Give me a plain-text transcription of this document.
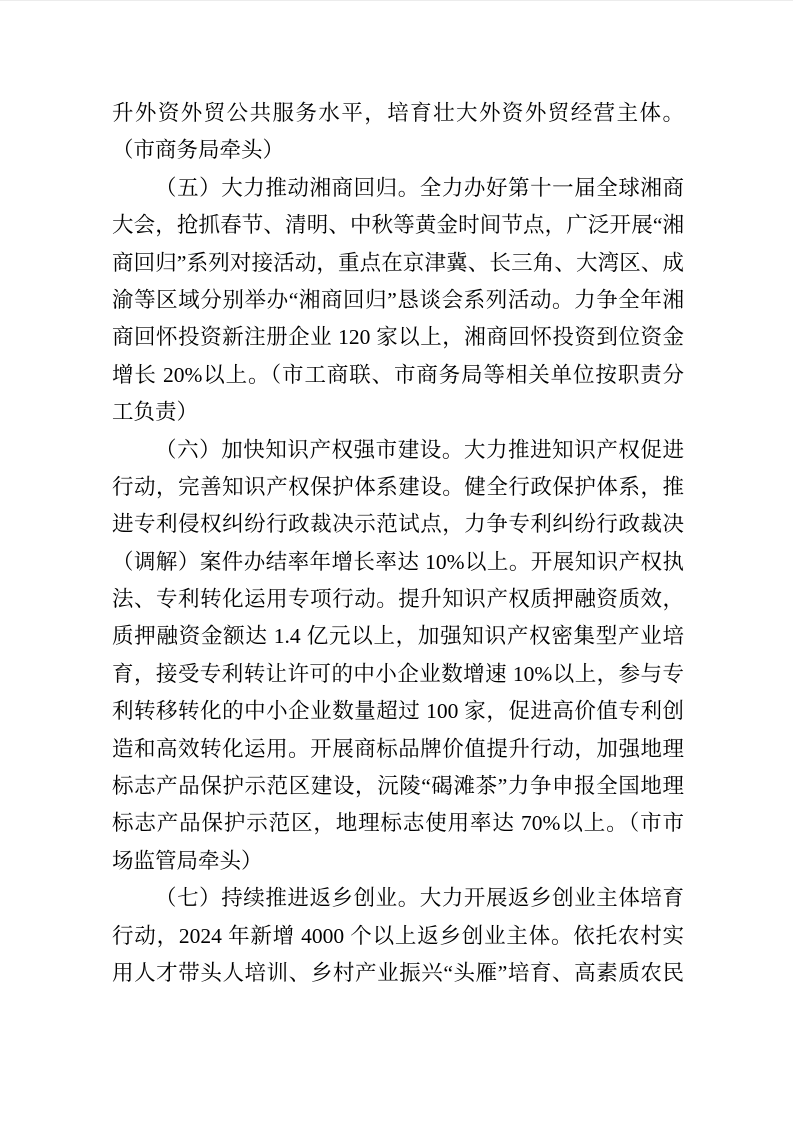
升外资外贸公共服务水平，培育壮大外资外贸经营主体。
（市商务局牵头）
（五）大力推动湘商回归。全力办好第十一届全球湘商
大会，抢抓春节、清明、中秋等黄金时间节点，广泛开展“湘
商回归”系列对接活动，重点在京津冀、长三角、大湾区、成
渝等区域分别举办“湘商回归”恳谈会系列活动。力争全年湘
商回怀投资新注册企业 120 家以上，湘商回怀投资到位资金
增长 20%以上。（市工商联、市商务局等相关单位按职责分
工负责）
（六）加快知识产权强市建设。大力推进知识产权促进
行动，完善知识产权保护体系建设。健全行政保护体系，推
进专利侵权纠纷行政裁决示范试点，力争专利纠纷行政裁决
（调解）案件办结率年增长率达 10%以上。开展知识产权执
法、专利转化运用专项行动。提升知识产权质押融资质效，
质押融资金额达 1.4 亿元以上，加强知识产权密集型产业培
育，接受专利转让许可的中小企业数增速 10%以上，参与专
利转移转化的中小企业数量超过 100 家，促进高价值专利创
造和高效转化运用。开展商标品牌价值提升行动，加强地理
标志产品保护示范区建设，沅陵“碣滩茶”力争申报全国地理
标志产品保护示范区，地理标志使用率达 70%以上。（市市
场监管局牵头）
（七）持续推进返乡创业。大力开展返乡创业主体培育
行动，2024 年新增 4000 个以上返乡创业主体。依托农村实
用人才带头人培训、乡村产业振兴“头雁”培育、高素质农民
